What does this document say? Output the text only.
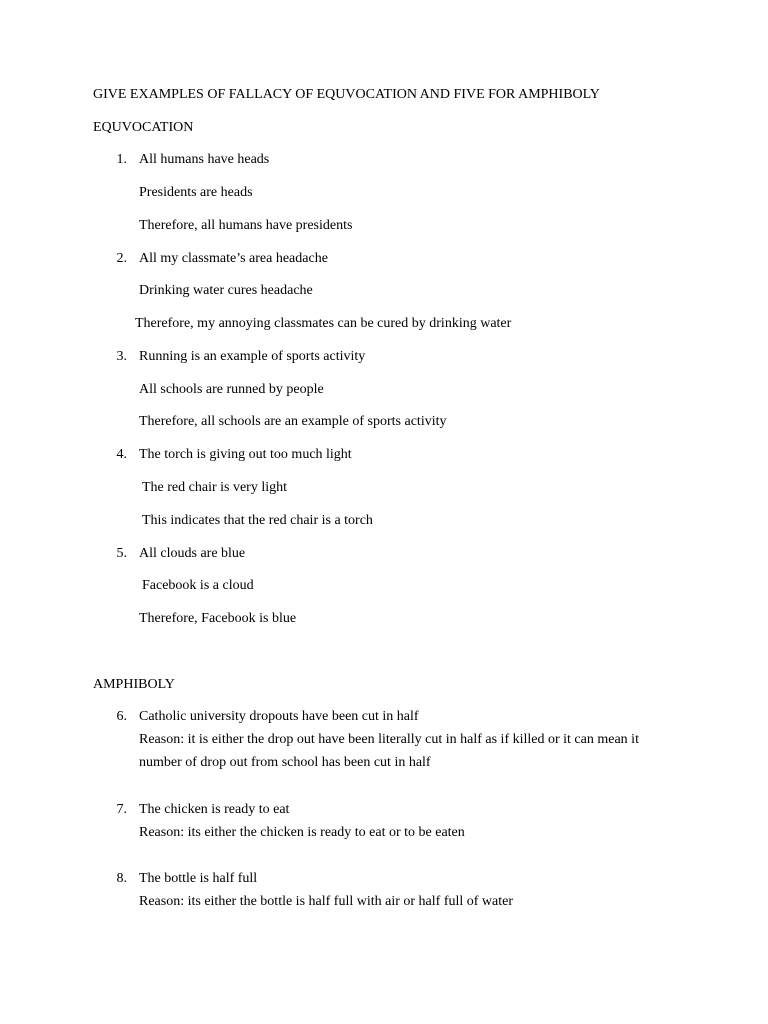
GIVE EXAMPLES OF FALLACY OF EQUVOCATION AND FIVE FOR AMPHIBOLY
EQUVOCATION
1. All humans have heads
Presidents are heads
Therefore, all humans have presidents
2. All my classmate’s area headache
Drinking water cures headache
Therefore, my annoying classmates can be cured by drinking water
3. Running is an example of sports activity
All schools are runned by people
Therefore, all schools are an example of sports activity
4. The torch is giving out too much light
The red chair is very light
This indicates that the red chair is a torch
5. All clouds are blue
Facebook is a cloud
Therefore, Facebook is blue
AMPHIBOLY
6. Catholic university dropouts have been cut in half
Reason: it is either the drop out have been literally cut in half as if killed or it can mean it
number of drop out from school has been cut in half
7. The chicken is ready to eat
Reason: its either the chicken is ready to eat or to be eaten
8. The bottle is half full
Reason: its either the bottle is half full with air or half full of water
